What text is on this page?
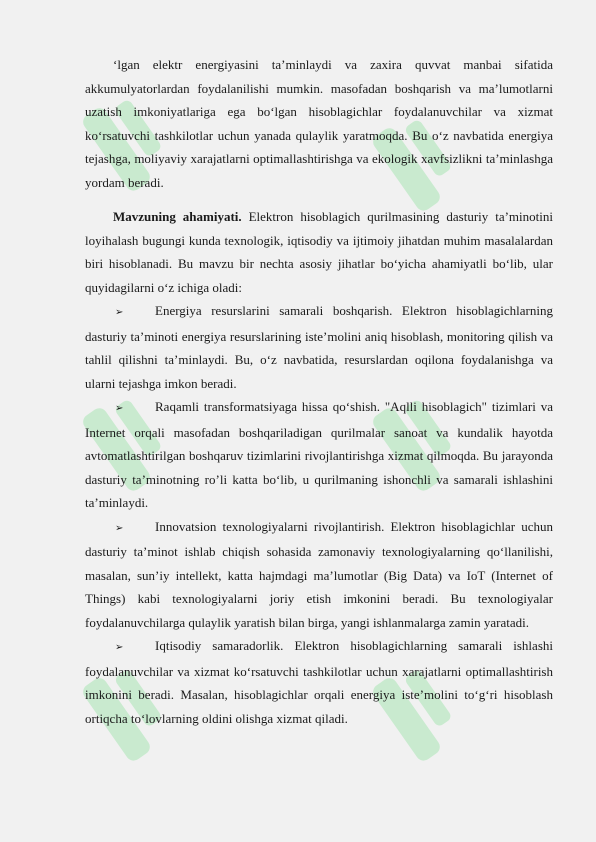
‘lgan elektr energiyasini ta’minlaydi va zaxira quvvat manbai sifatida akkumulyatorlardan foydalanilishi mumkin. masofadan boshqarish va ma’lumotlarni uzatish imkoniyatlariga ega bo‘lgan hisoblagichlar foydalanuvchilar va xizmat ko‘rsatuvchi tashkilotlar uchun yanada qulaylik yaratmoqda. Bu o‘z navbatida energiya tejashga, moliyaviy xarajatlarni optimallashtirishga va ekologik xavfsizlikni ta’minlashga yordam beradi.

Mavzuning ahamiyati. Elektron hisoblagich qurilmasining dasturiy ta’minotini loyihalash bugungi kunda texnologik, iqtisodiy va ijtimoiy jihatdan muhim masalalardan biri hisoblanadi. Bu mavzu bir nechta asosiy jihatlar bo‘yicha ahamiyatli bo‘lib, ular quyidagilarni o‘z ichiga oladi:

➢ Energiya resurslarini samarali boshqarish. Elektron hisoblagichlarning dasturiy ta’minoti energiya resurslarining iste’molini aniq hisoblash, monitoring qilish va tahlil qilishni ta’minlaydi. Bu, o‘z navbatida, resurslardan oqilona foydalanishga va ularni tejashga imkon beradi.

➢ Raqamli transformatsiyaga hissa qo‘shish. "Aqlli hisoblagich" tizimlari va Internet orqali masofadan boshqariladigan qurilmalar sanoat va kundalik hayotda avtomatlashtirilgan boshqaruv tizimlarini rivojlantirishga xizmat qilmoqda. Bu jarayonda dasturiy ta’minotning ro’li katta bo‘lib, u qurilmaning ishonchli va samarali ishlashini ta’minlaydi.

➢ Innovatsion texnologiyalarni rivojlantirish. Elektron hisoblagichlar uchun dasturiy ta’minot ishlab chiqish sohasida zamonaviy texnologiyalarning qo‘llanilishi, masalan, sun’iy intellekt, katta hajmdagi ma’lumotlar (Big Data) va IoT (Internet of Things) kabi texnologiyalarni joriy etish imkonini beradi. Bu texnologiyalar foydalanuvchilarga qulaylik yaratish bilan birga, yangi ishlanmalarga zamin yaratadi.

➢ Iqtisodiy samaradorlik. Elektron hisoblagichlarning samarali ishlashi foydalanuvchilar va xizmat ko‘rsatuvchi tashkilotlar uchun xarajatlarni optimallashtirish imkonini beradi. Masalan, hisoblagichlar orqali energiya iste’molini to‘g‘ri hisoblash ortiqcha to‘lovlarning oldini olishga xizmat qiladi.
